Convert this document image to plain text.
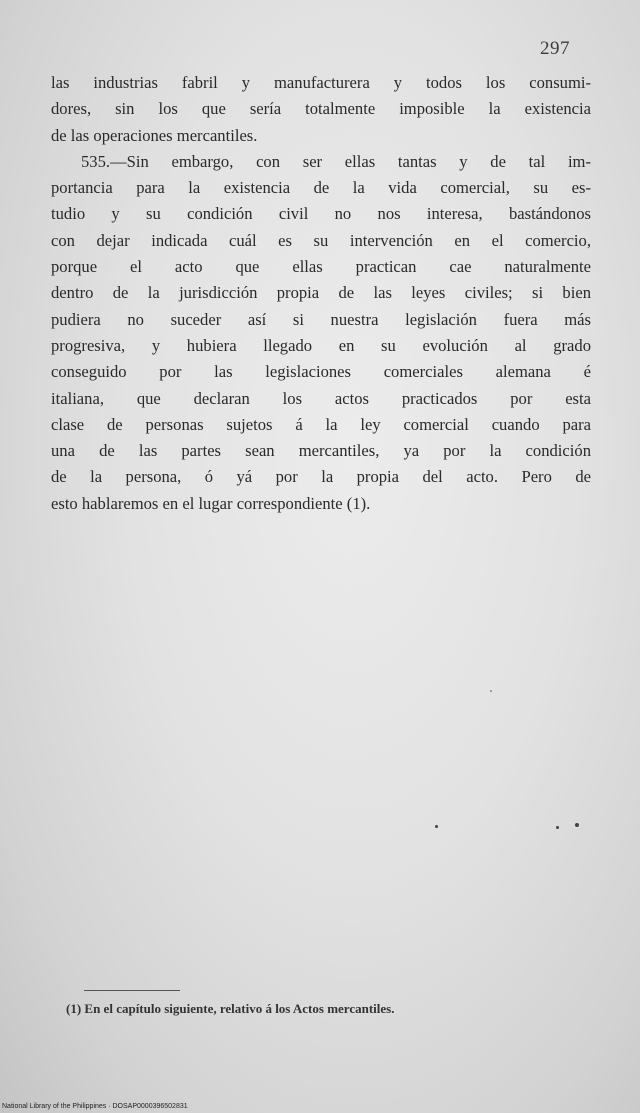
297
las industrias fabril y manufacturera y todos los consumi-
dores, sin los que sería totalmente imposible la existencia
de las operaciones mercantiles.
535.—Sin embargo, con ser ellas tantas y de tal im-
portancia para la existencia de la vida comercial, su es-
tudio y su condición civil no nos interesa, bastándonos
con dejar indicada cuál es su intervención en el comercio,
porque el acto que ellas practican cae naturalmente
dentro de la jurisdicción propia de las leyes civiles; si bien
pudiera no suceder así si nuestra legislación fuera más
progresiva, y hubiera llegado en su evolución al grado
conseguido por las legislaciones comerciales alemana é
italiana, que declaran los actos practicados por esta
clase de personas sujetos á la ley comercial cuando para
una de las partes sean mercantiles, ya por la condición
de la persona, ó yá por la propia del acto. Pero de
esto hablaremos en el lugar correspondiente (1).
(1) En el capítulo siguiente, relativo á los Actos mercantiles.
National Library of the Philippines · DOSAP0000396502831
